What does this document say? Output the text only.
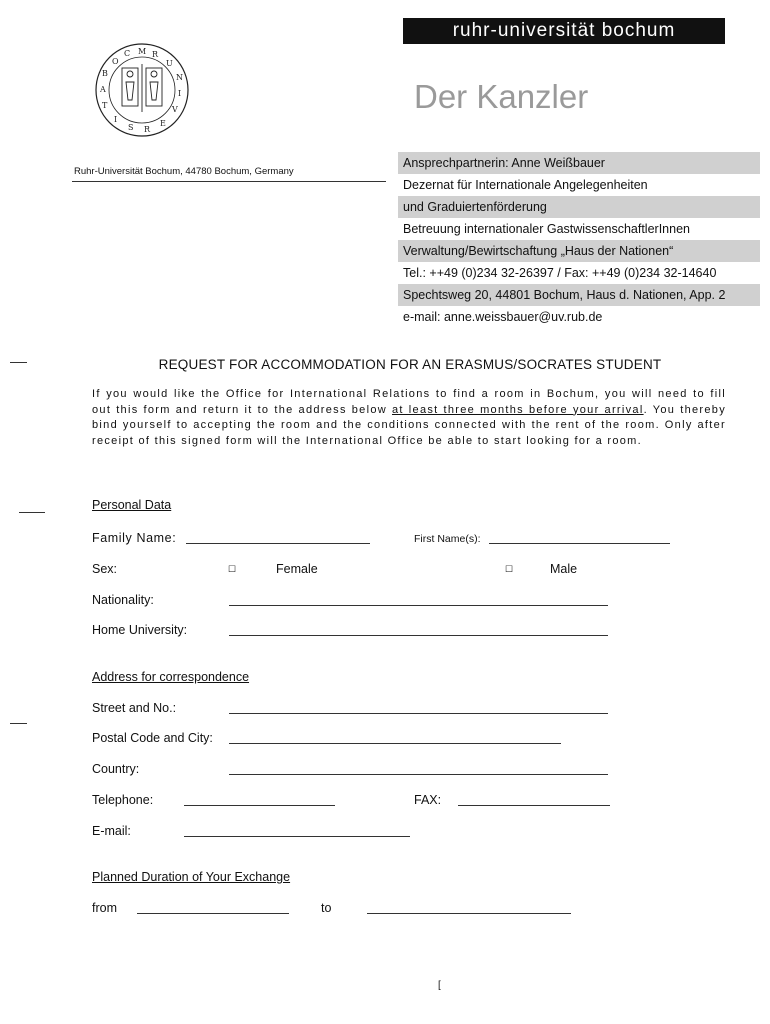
ruhr-universität bochum
Der Kanzler
M R
U
N
I
V
E
R
S
I
T
A
B
O
C
Ruhr-Universität Bochum, 44780 Bochum, Germany
Ansprechpartnerin: Anne Weißbauer
Dezernat für Internationale Angelegenheiten
und Graduiertenförderung
Betreuung internationaler GastwissenschaftlerInnen
Verwaltung/Bewirtschaftung „Haus der Nationen“
Tel.: ++49 (0)234 32-26397 / Fax: ++49 (0)234 32-14640
Spechtsweg 20, 44801 Bochum, Haus d. Nationen, App. 2
e-mail: anne.weissbauer@uv.rub.de
REQUEST FOR ACCOMMODATION FOR AN ERASMUS/SOCRATES STUDENT
If you would like the Office for International Relations to find a room in Bochum, you will need to fill out this form and return it to the address below at least three months before your arrival. You thereby bind yourself to accepting the room and the conditions connected with the rent of the room. Only after receipt of this signed form will the International Office be able to start looking for a room.
Personal Data
Family Name:	First Name(s):
Sex:	☐	Female	☐	Male
Nationality:
Home University:
Address for correspondence
Street and No.:
Postal Code and City:
Country:
Telephone:	FAX:
E-mail:
Planned Duration of Your Exchange
from	to
[
